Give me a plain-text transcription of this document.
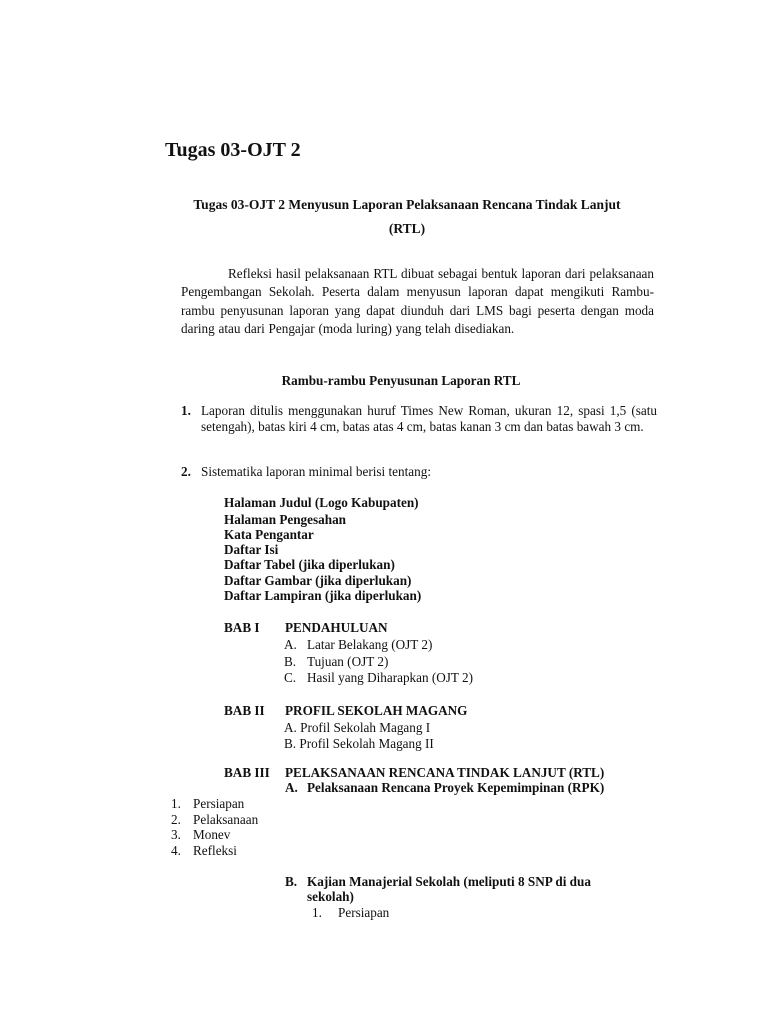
Tugas 03-OJT 2
Tugas 03-OJT 2 Menyusun Laporan Pelaksanaan Rencana Tindak Lanjut
(RTL)
Refleksi hasil pelaksanaan RTL dibuat sebagai bentuk laporan dari pelaksanaan Pengembangan Sekolah. Peserta dalam menyusun laporan dapat mengikuti Rambu-rambu penyusunan laporan yang dapat diunduh dari LMS bagi peserta dengan moda daring atau dari Pengajar (moda luring) yang telah disediakan.
Rambu-rambu Penyusunan Laporan RTL
1. Laporan ditulis menggunakan huruf Times New Roman, ukuran 12, spasi 1,5 (satu setengah), batas kiri 4 cm, batas atas 4 cm, batas kanan 3 cm dan batas bawah 3 cm.
2. Sistematika laporan minimal berisi tentang:
Halaman Judul (Logo Kabupaten)
Halaman Pengesahan
Kata Pengantar
Daftar Isi
Daftar Tabel (jika diperlukan)
Daftar Gambar (jika diperlukan)
Daftar Lampiran (jika diperlukan)
BAB I PENDAHULUAN
A. Latar Belakang (OJT 2)
B. Tujuan (OJT 2)
C. Hasil yang Diharapkan (OJT 2)
BAB II PROFIL SEKOLAH MAGANG
A. Profil Sekolah Magang I
B. Profil Sekolah Magang II
BAB III PELAKSANAAN RENCANA TINDAK LANJUT (RTL)
A. Pelaksanaan Rencana Proyek Kepemimpinan (RPK)
1. Persiapan
2. Pelaksanaan
3. Monev
4. Refleksi
B. Kajian Manajerial Sekolah (meliputi 8 SNP di dua
sekolah)
1. Persiapan
